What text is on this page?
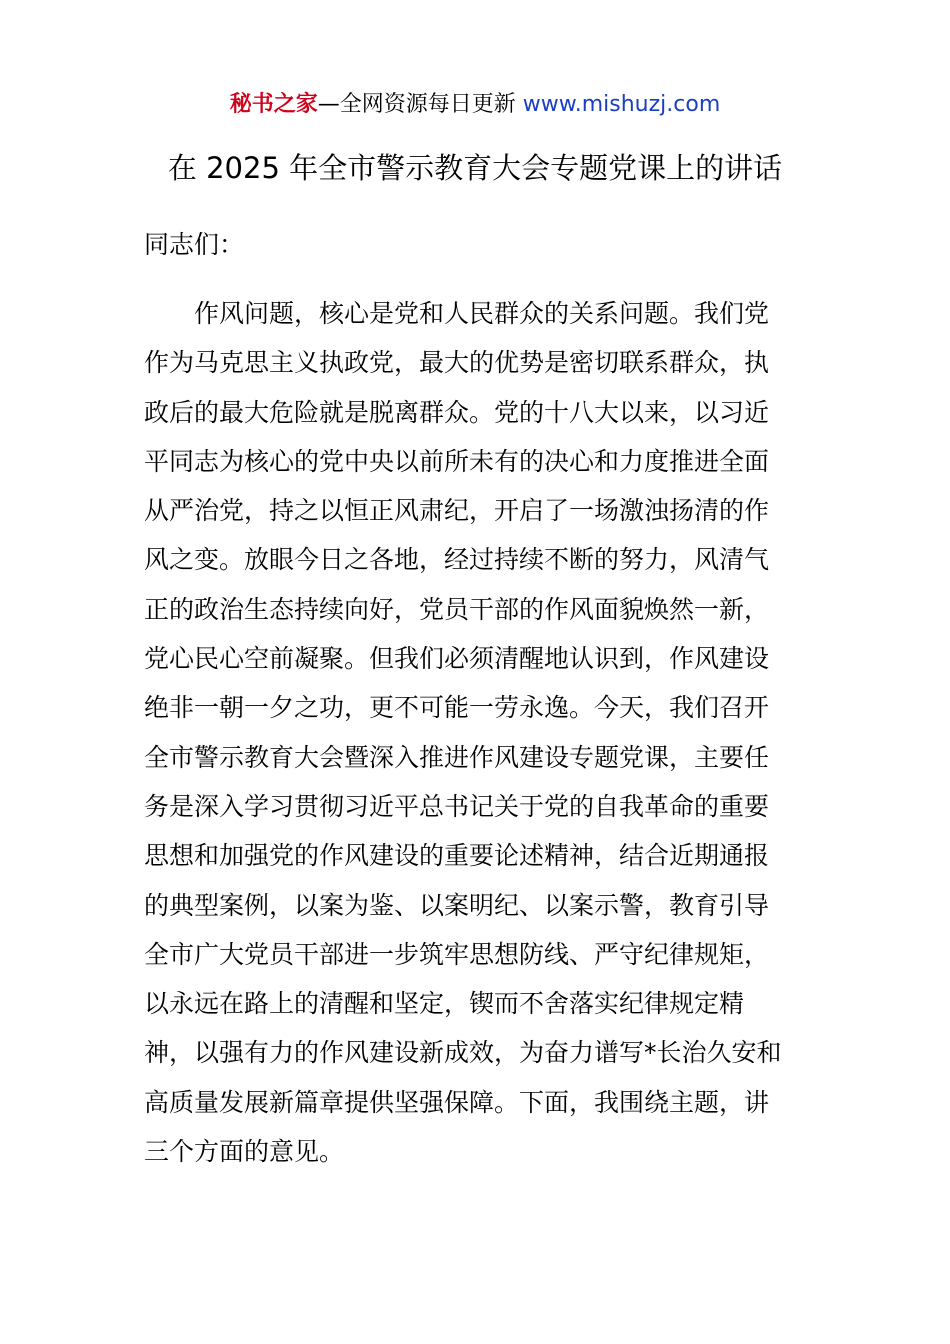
秘书之家—全网资源每日更新 www.mishuzj.com
在 2025 年全市警示教育大会专题党课上的讲话
同志们：
　　作风问题，核心是党和人民群众的关系问题。我们党
作为马克思主义执政党，最大的优势是密切联系群众，执
政后的最大危险就是脱离群众。党的十八大以来，以习近
平同志为核心的党中央以前所未有的决心和力度推进全面
从严治党，持之以恒正风肃纪，开启了一场激浊扬清的作
风之变。放眼今日之各地，经过持续不断的努力，风清气
正的政治生态持续向好，党员干部的作风面貌焕然一新，
党心民心空前凝聚。但我们必须清醒地认识到，作风建设
绝非一朝一夕之功，更不可能一劳永逸。今天，我们召开
全市警示教育大会暨深入推进作风建设专题党课，主要任
务是深入学习贯彻习近平总书记关于党的自我革命的重要
思想和加强党的作风建设的重要论述精神，结合近期通报
的典型案例，以案为鉴、以案明纪、以案示警，教育引导
全市广大党员干部进一步筑牢思想防线、严守纪律规矩，
以永远在路上的清醒和坚定，锲而不舍落实纪律规定精
神，以强有力的作风建设新成效，为奋力谱写*长治久安和
高质量发展新篇章提供坚强保障。下面，我围绕主题，讲
三个方面的意见。
